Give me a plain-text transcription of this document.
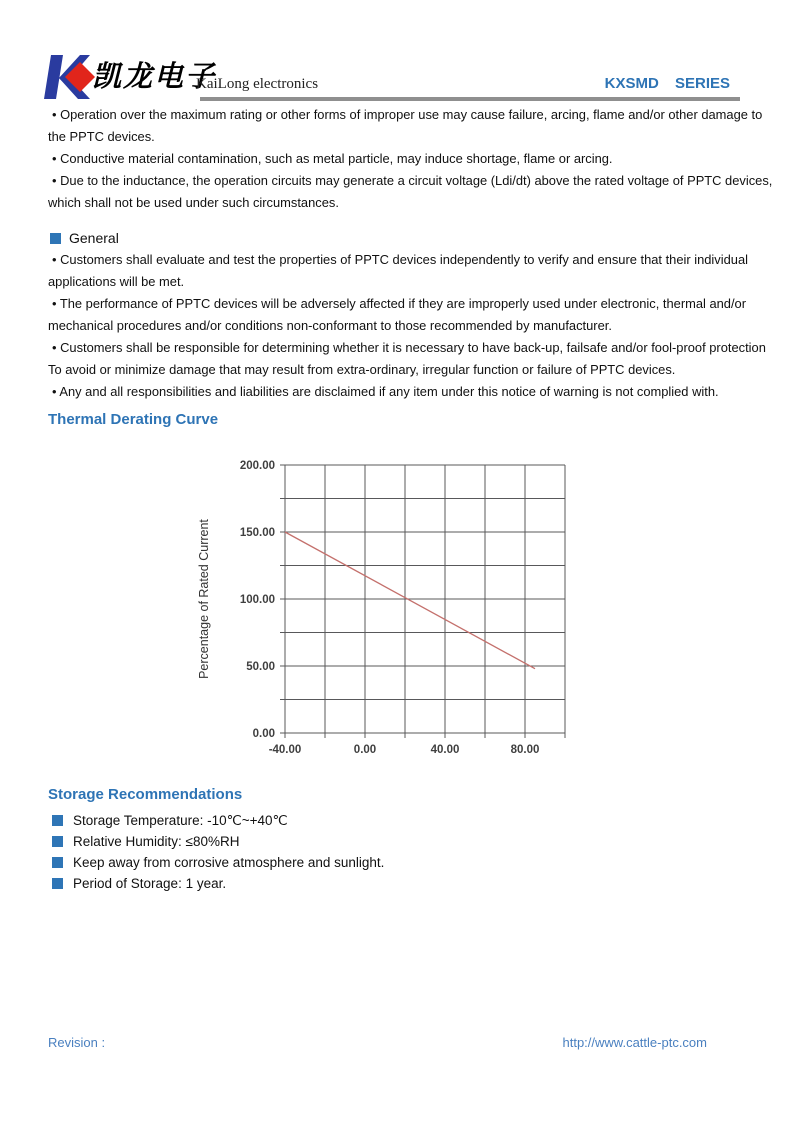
凯龙电子
KaiLong electronics	KXSMD SERIES
• Operation over the maximum rating or other forms of improper use may cause failure, arcing, flame and/or other damage to
the PPTC devices.
• Conductive material contamination, such as metal particle, may induce shortage, flame or arcing.
• Due to the inductance, the operation circuits may generate a circuit voltage (Ldi/dt) above the rated voltage of PPTC devices,
which shall not be used under such circumstances.
General
• Customers shall evaluate and test the properties of PPTC devices independently to verify and ensure that their individual
applications will be met.
• The performance of PPTC devices will be adversely affected if they are improperly used under electronic, thermal and/or
mechanical procedures and/or conditions non-conformant to those recommended by manufacturer.
• Customers shall be responsible for determining whether it is necessary to have back-up, failsafe and/or fool-proof protection
To avoid or minimize damage that may result from extra-ordinary, irregular function or failure of PPTC devices.
• Any and all responsibilities and liabilities are disclaimed if any item under this notice of warning is not complied with.
Thermal Derating Curve
-40.00	0.00	40.00	80.00
0.00
50.00
100.00
150.00
200.00
Percentage of Rated Current
Storage Recommendations
Storage Temperature: -10℃~+40℃
Relative Humidity: ≤80%RH
Keep away from corrosive atmosphere and sunlight.
Period of Storage: 1 year.
Revision :	http://www.cattle-ptc.com
